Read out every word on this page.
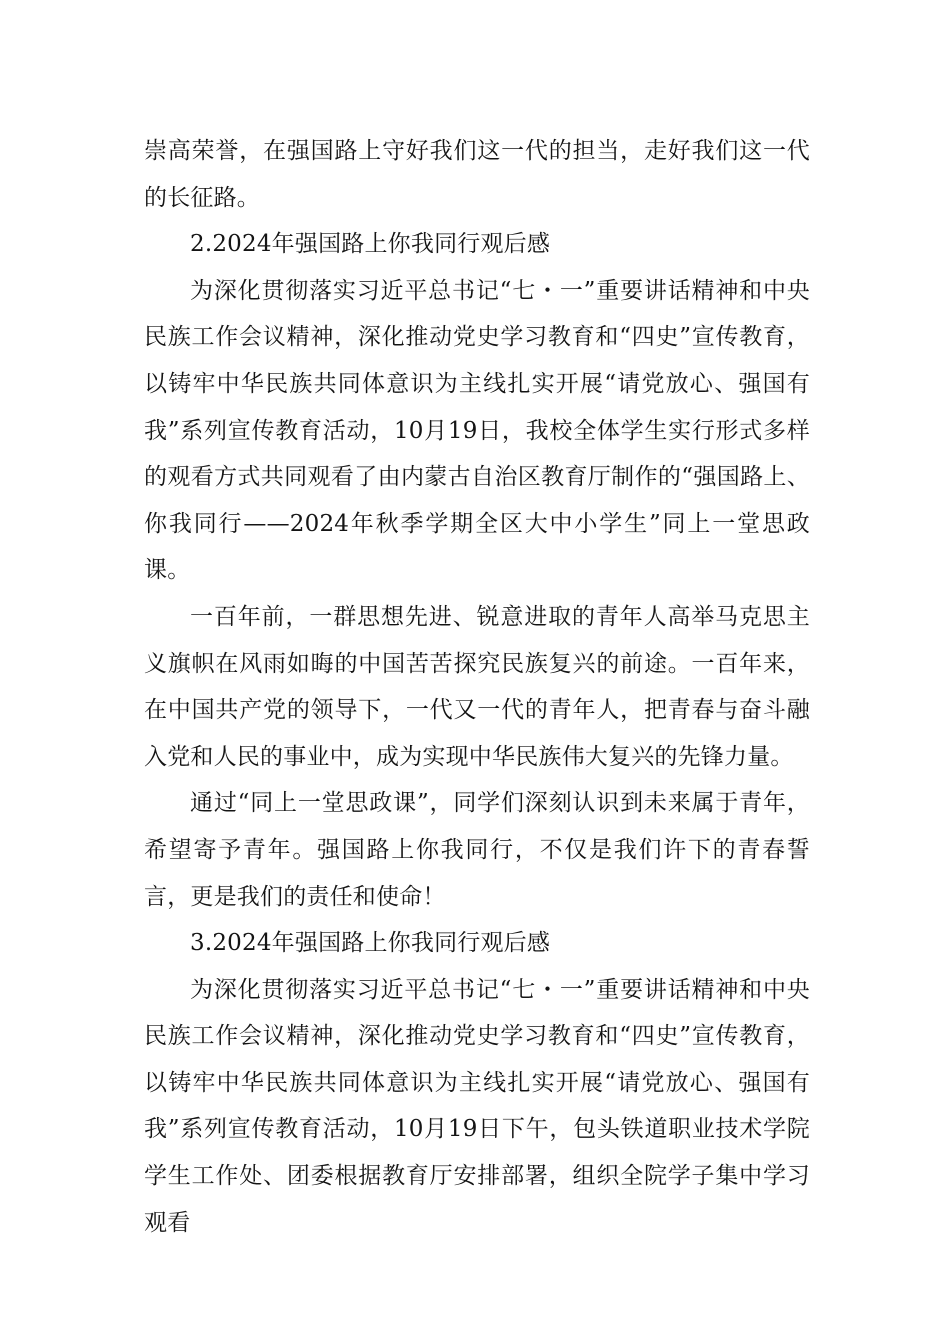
崇高荣誉，在强国路上守好我们这一代的担当，走好我们这一代的长征路。

2.2024年强国路上你我同行观后感

为深化贯彻落实习近平总书记“七・一”重要讲话精神和中央民族工作会议精神，深化推动党史学习教育和“四史”宣传教育，以铸牢中华民族共同体意识为主线扎实开展“请党放心、强国有我”系列宣传教育活动，10月19日，我校全体学生实行形式多样的观看方式共同观看了由内蒙古自治区教育厅制作的“强国路上、你我同行——2024年秋季学期全区大中小学生”同上一堂思政课。

一百年前，一群思想先进、锐意进取的青年人高举马克思主义旗帜在风雨如晦的中国苦苦探究民族复兴的前途。一百年来，在中国共产党的领导下，一代又一代的青年人，把青春与奋斗融入党和人民的事业中，成为实现中华民族伟大复兴的先锋力量。

通过“同上一堂思政课”，同学们深刻认识到未来属于青年，希望寄予青年。强国路上你我同行，不仅是我们许下的青春誓言，更是我们的责任和使命！

3.2024年强国路上你我同行观后感

为深化贯彻落实习近平总书记“七・一”重要讲话精神和中央民族工作会议精神，深化推动党史学习教育和“四史”宣传教育，以铸牢中华民族共同体意识为主线扎实开展“请党放心、强国有我”系列宣传教育活动，10月19日下午，包头铁道职业技术学院学生工作处、团委根据教育厅安排部署，组织全院学子集中学习观看
